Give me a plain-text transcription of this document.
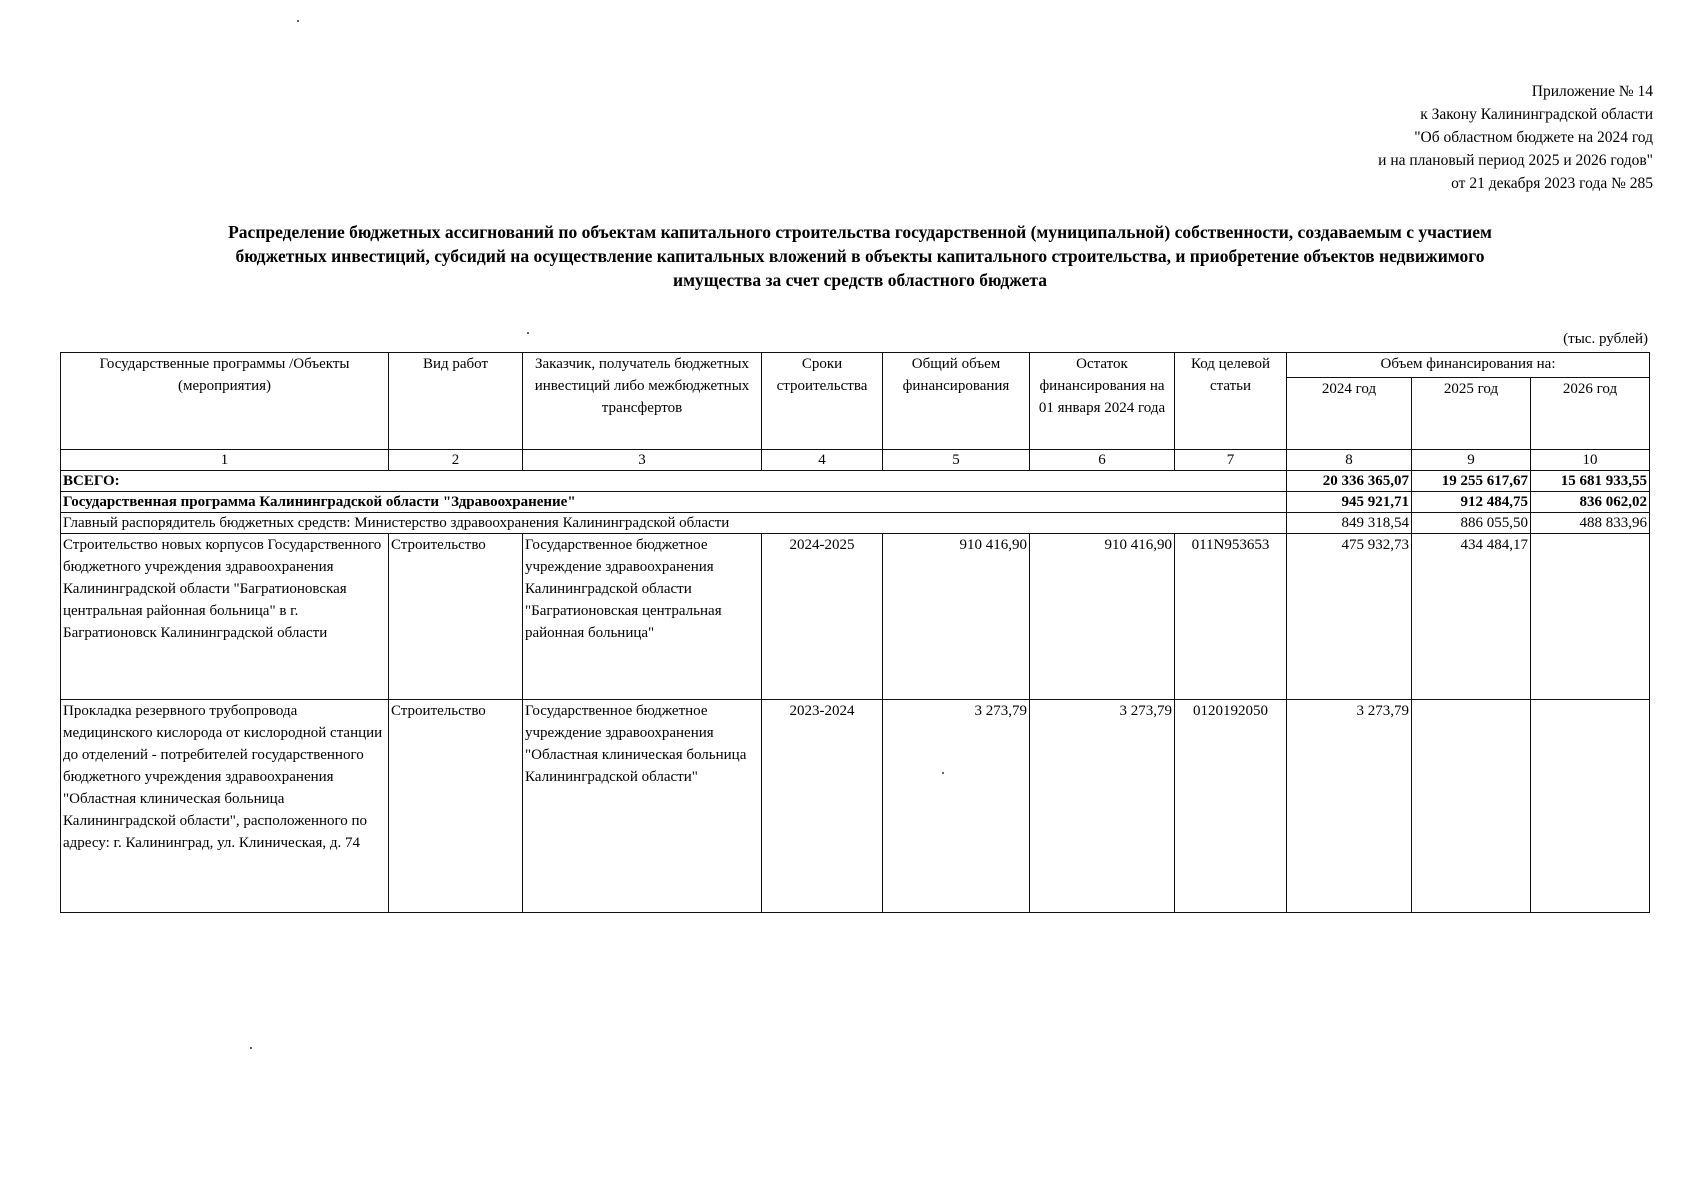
Приложение № 14
к Закону Калининградской области
"Об областном бюджете на 2024 год
и на плановый период 2025 и 2026 годов"
от 21 декабря 2023 года № 285
Распределение бюджетных ассигнований по объектам капитального строительства государственной (муниципальной) собственности, создаваемым с участием
бюджетных инвестиций, субсидий на осуществление капитальных вложений в объекты капитального строительства, и приобретение объектов недвижимого
имущества за счет средств областного бюджета
(тыс. рублей)
Государственные программы /Объекты (мероприятия)	Вид работ	Заказчик, получатель бюджетных инвестиций либо межбюджетных трансфертов	Сроки строительства	Общий объем финансирования	Остаток финансирования на 01 января 2024 года	Код целевой статьи	Объем финансирования на:		
							2024 год	2025 год	2026 год
1	2	3	4	5	6	7	8	9	10
ВСЕГО:							20 336 365,07	19 255 617,67	15 681 933,55
Государственная программа Калининградской области "Здравоохранение"							945 921,71	912 484,75	836 062,02
Главный распорядитель бюджетных средств: Министерство здравоохранения Калининградской области							849 318,54	886 055,50	488 833,96
Строительство новых корпусов Государственного бюджетного учреждения здравоохранения Калининградской области "Багратионовская центральная районная больница" в г. Багратионовск Калининградской области	Строительство	Государственное бюджетное учреждение здравоохранения Калининградской области "Багратионовская центральная районная больница"	2024-2025	910 416,90	910 416,90	011N953653	475 932,73	434 484,17	
Прокладка резервного трубопровода медицинского кислорода от кислородной станции до отделений - потребителей государственного бюджетного учреждения здравоохранения "Областная клиническая больница Калининградской области", расположенного по адресу: г. Калининград, ул. Клиническая, д. 74	Строительство	Государственное бюджетное учреждение здравоохранения "Областная клиническая больница Калининградской области"	2023-2024	3 273,79	3 273,79	0120192050	3 273,79		
